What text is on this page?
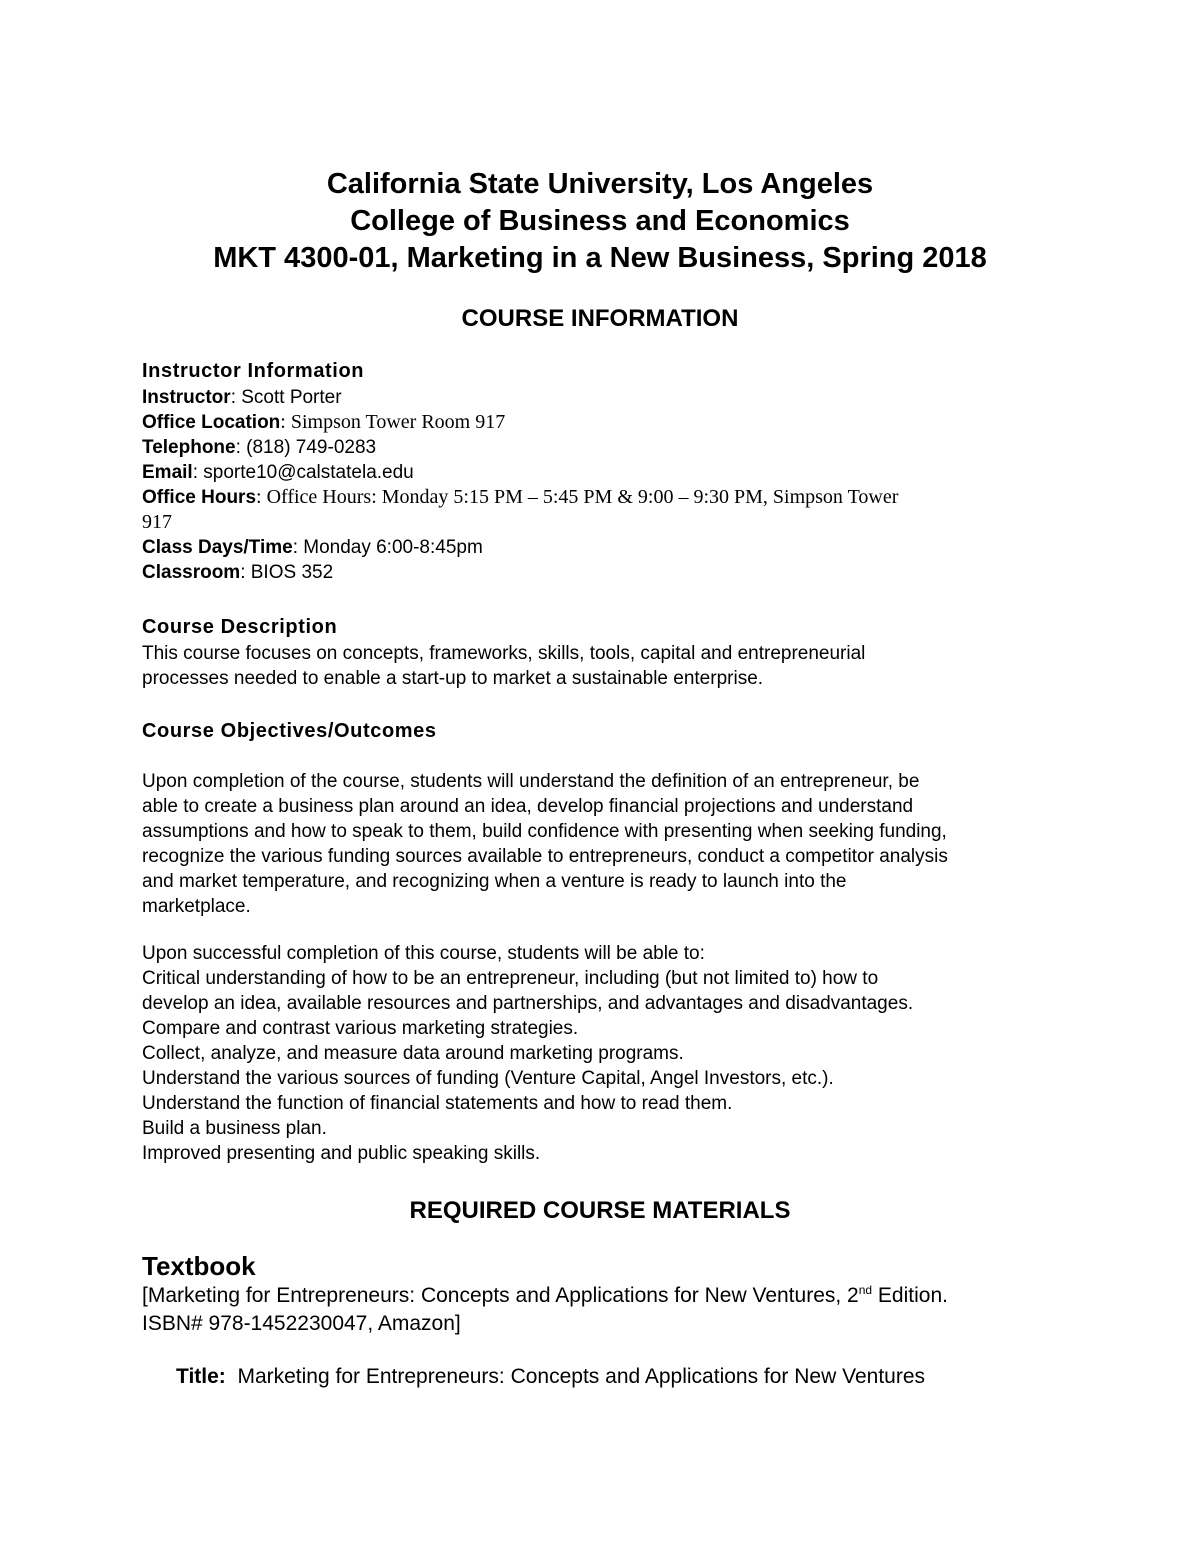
California State University, Los Angeles

College of Business and Economics

MKT 4300-01, Marketing in a New Business, Spring 2018

COURSE INFORMATION

Instructor Information

Instructor: Scott Porter

Office Location: Simpson Tower Room 917

Telephone: (818) 749-0283

Email: sporte10@calstatela.edu

Office Hours: Office Hours: Monday 5:15 PM – 5:45 PM & 9:00 – 9:30 PM, Simpson Tower

917

Class Days/Time: Monday 6:00-8:45pm

Classroom: BIOS 352

Course Description

This course focuses on concepts, frameworks, skills, tools, capital and entrepreneurial

processes needed to enable a start-up to market a sustainable enterprise.

Course Objectives/Outcomes

Upon completion of the course, students will understand the definition of an entrepreneur, be

able to create a business plan around an idea, develop financial projections and understand

assumptions and how to speak to them, build confidence with presenting when seeking funding,

recognize the various funding sources available to entrepreneurs, conduct a competitor analysis

and market temperature, and recognizing when a venture is ready to launch into the

marketplace.

Upon successful completion of this course, students will be able to:

Critical understanding of how to be an entrepreneur, including (but not limited to) how to

develop an idea, available resources and partnerships, and advantages and disadvantages.

Compare and contrast various marketing strategies.

Collect, analyze, and measure data around marketing programs.

Understand the various sources of funding (Venture Capital, Angel Investors, etc.).

Understand the function of financial statements and how to read them.

Build a business plan.

Improved presenting and public speaking skills.

REQUIRED COURSE MATERIALS

Textbook

[Marketing for Entrepreneurs: Concepts and Applications for New Ventures, 2nd Edition.

ISBN# 978-1452230047, Amazon]

Title:  Marketing for Entrepreneurs: Concepts and Applications for New Ventures
